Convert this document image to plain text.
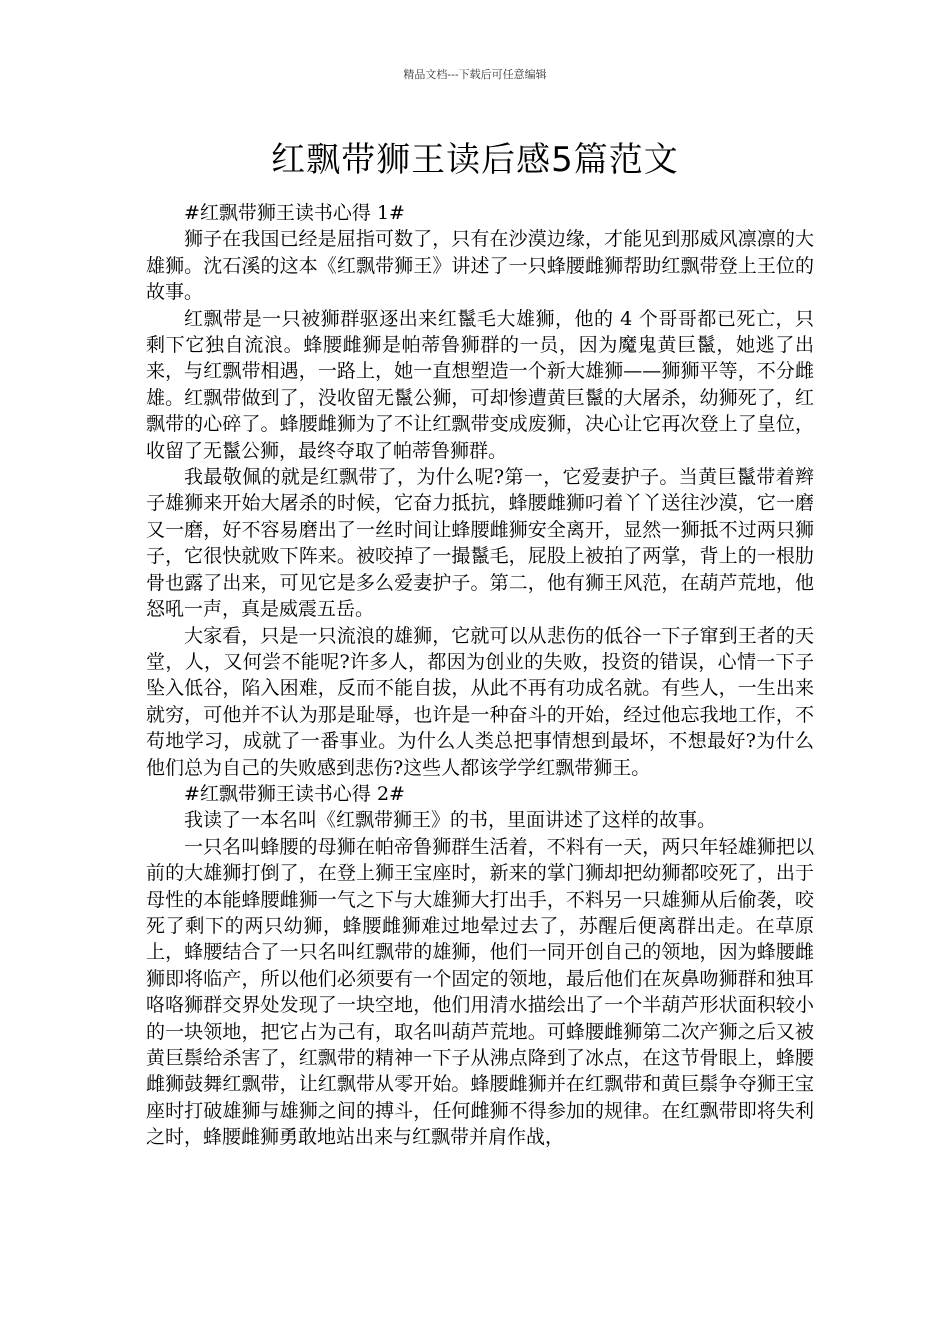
精品文档---下载后可任意编辑
红飘带狮王读后感5篇范文

#红飘带狮王读书心得 1#

狮子在我国已经是屈指可数了，只有在沙漠边缘，才能见到那威风凛凛的大雄狮。沈石溪的这本《红飘带狮王》讲述了一只蜂腰雌狮帮助红飘带登上王位的故事。

红飘带是一只被狮群驱逐出来红鬣毛大雄狮，他的 4 个哥哥都已死亡，只剩下它独自流浪。蜂腰雌狮是帕蒂鲁狮群的一员，因为魔鬼黄巨鬣，她逃了出来，与红飘带相遇，一路上，她一直想塑造一个新大雄狮——狮狮平等，不分雌雄。红飘带做到了，没收留无鬣公狮，可却惨遭黄巨鬣的大屠杀，幼狮死了，红飘带的心碎了。蜂腰雌狮为了不让红飘带变成废狮，决心让它再次登上了皇位，收留了无鬣公狮，最终夺取了帕蒂鲁狮群。

我最敬佩的就是红飘带了，为什么呢?第一，它爱妻护子。当黄巨鬣带着辫子雄狮来开始大屠杀的时候，它奋力抵抗，蜂腰雌狮叼着丫丫送往沙漠，它一磨又一磨，好不容易磨出了一丝时间让蜂腰雌狮安全离开，显然一狮抵不过两只狮子，它很快就败下阵来。被咬掉了一撮鬣毛，屁股上被拍了两掌，背上的一根肋骨也露了出来，可见它是多么爱妻护子。第二，他有狮王风范，在葫芦荒地，他怒吼一声，真是威震五岳。

大家看，只是一只流浪的雄狮，它就可以从悲伤的低谷一下子窜到王者的天堂，人，又何尝不能呢?许多人，都因为创业的失败，投资的错误，心情一下子坠入低谷，陷入困难，反而不能自拔，从此不再有功成名就。有些人，一生出来就穷，可他并不认为那是耻辱，也许是一种奋斗的开始，经过他忘我地工作，不苟地学习，成就了一番事业。为什么人类总把事情想到最坏，不想最好?为什么他们总为自己的失败感到悲伤?这些人都该学学红飘带狮王。

#红飘带狮王读书心得 2#

我读了一本名叫《红飘带狮王》的书，里面讲述了这样的故事。

一只名叫蜂腰的母狮在帕帝鲁狮群生活着，不料有一天，两只年轻雄狮把以前的大雄狮打倒了，在登上狮王宝座时，新来的掌门狮却把幼狮都咬死了，出于母性的本能蜂腰雌狮一气之下与大雄狮大打出手，不料另一只雄狮从后偷袭，咬死了剩下的两只幼狮，蜂腰雌狮难过地晕过去了，苏醒后便离群出走。在草原上，蜂腰结合了一只名叫红飘带的雄狮，他们一同开创自己的领地，因为蜂腰雌狮即将临产，所以他们必须要有一个固定的领地，最后他们在灰鼻吻狮群和独耳咯咯狮群交界处发现了一块空地，他们用清水描绘出了一个半葫芦形状面积较小的一块领地，把它占为己有，取名叫葫芦荒地。可蜂腰雌狮第二次产狮之后又被黄巨鬃给杀害了，红飘带的精神一下子从沸点降到了冰点，在这节骨眼上，蜂腰雌狮鼓舞红飘带，让红飘带从零开始。蜂腰雌狮并在红飘带和黄巨鬃争夺狮王宝座时打破雄狮与雄狮之间的搏斗，任何雌狮不得参加的规律。在红飘带即将失利之时，蜂腰雌狮勇敢地站出来与红飘带并肩作战，
